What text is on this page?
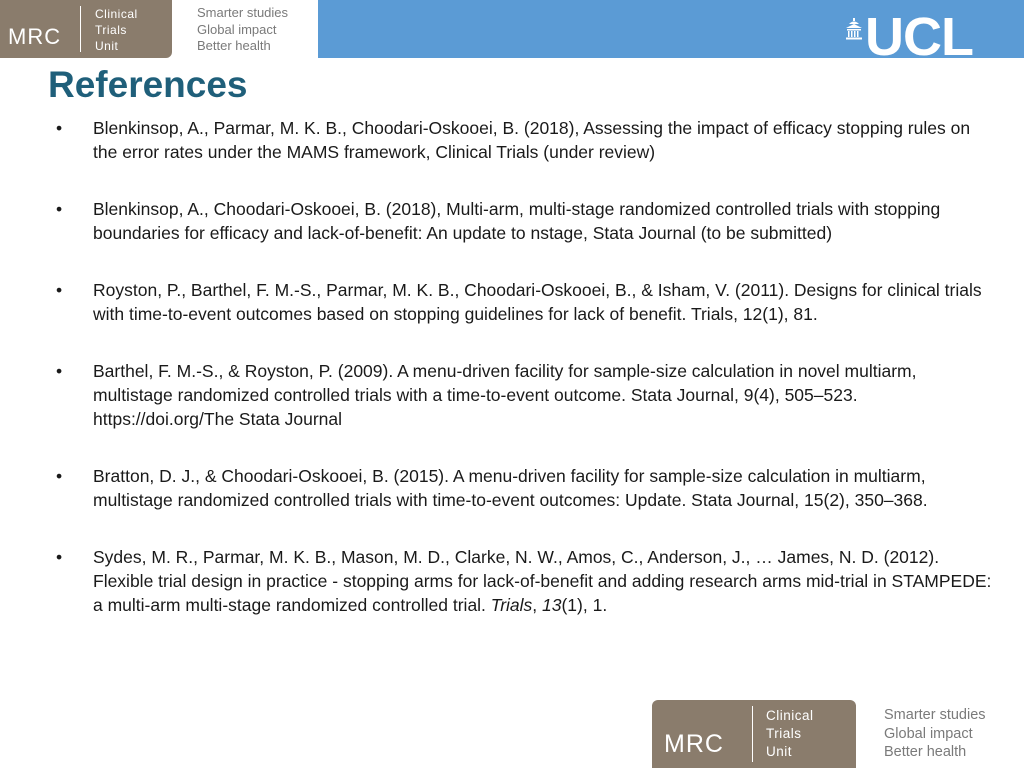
MRC
Clinical
Trials
Unit
Smarter studies
Global impact
Better health	UCL
References
• Blenkinsop, A., Parmar, M. K. B., Choodari-Oskooei, B. (2018), Assessing the impact of efficacy stopping rules on the error rates under the MAMS framework, Clinical Trials (under review)
• Blenkinsop, A., Choodari-Oskooei, B. (2018), Multi-arm, multi-stage randomized controlled trials with stopping boundaries for efficacy and lack-of-benefit: An update to nstage, Stata Journal (to be submitted)
• Royston, P., Barthel, F. M.-S., Parmar, M. K. B., Choodari-Oskooei, B., & Isham, V. (2011). Designs for clinical trials with time-to-event outcomes based on stopping guidelines for lack of benefit. Trials, 12(1), 81.
• Barthel, F. M.-S., & Royston, P. (2009). A menu-driven facility for sample-size calculation in novel multiarm, multistage randomized controlled trials with a time-to-event outcome. Stata Journal, 9(4), 505–523. https://doi.org/The Stata Journal
• Bratton, D. J., & Choodari-Oskooei, B. (2015). A menu-driven facility for sample-size calculation in multiarm, multistage randomized controlled trials with time-to-event outcomes: Update. Stata Journal, 15(2), 350–368.
• Sydes, M. R., Parmar, M. K. B., Mason, M. D., Clarke, N. W., Amos, C., Anderson, J., … James, N. D. (2012). Flexible trial design in practice - stopping arms for lack-of-benefit and adding research arms mid-trial in STAMPEDE: a multi-arm multi-stage randomized controlled trial. Trials, 13(1), 1.
MRC
Clinical
Trials
Unit
Smarter studies
Global impact
Better health
